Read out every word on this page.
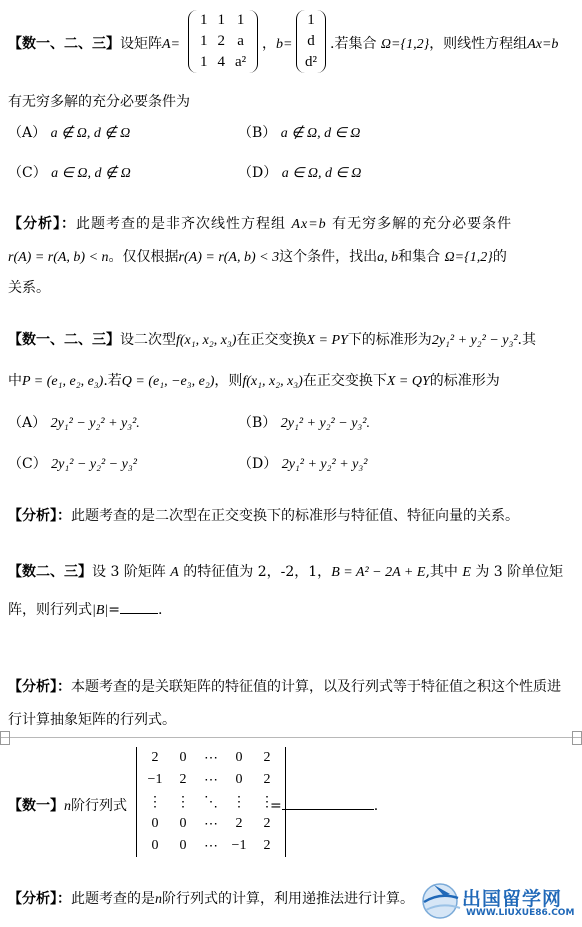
【数一、二、三】设矩阵A=
1	1	1
1	2	a
1	4	a²
，b=
1
d
d²
.若集合 Ω={1,2}，则线性方程组Ax=b
有无穷多解的充分必要条件为
（A） a ∉ Ω, d ∉ Ω	（B） a ∉ Ω, d ∈ Ω
（C） a ∈ Ω, d ∉ Ω	（D） a ∈ Ω, d ∈ Ω
【分析】：此题考查的是非齐次线性方程组 Ax=b 有无穷多解的充分必要条件
r(A) = r(A, b) < n。仅仅根据r(A) = r(A, b) < 3这个条件，找出a, b和集合 Ω={1,2}的
关系。
【数一、二、三】设二次型f(x₁, x₂, x₃)在正交变换X = PY下的标准形为2y₁² + y₂² − y₃².其
中P = (e₁, e₂, e₃).若Q = (e₁, −e₃, e₂)，则f(x₁, x₂, x₃)在正交变换下X = QY的标准形为
（A） 2y₁² − y₂² + y₃².	（B） 2y₁² + y₂² − y₃².
（C） 2y₁² − y₂² − y₃²	（D） 2y₁² + y₂² + y₃²
【分析】：此题考查的是二次型在正交变换下的标准形与特征值、特征向量的关系。
【数二、三】设 3 阶矩阵 A 的特征值为 2，-2，1，B = A² − 2A + E,其中 E 为 3 阶单位矩
阵，则行列式|B|=	.
【分析】：本题考查的是关联矩阵的特征值的计算，以及行列式等于特征值之积这个性质进
行计算抽象矩阵的行列式。
【数一】n阶行列式
2	0	⋯	0	2
−1	2	⋯	0	2
⋮	⋮	⋱	⋮	⋮
0	0	⋯	2	2
0	0	⋯	−1	2
=	.
【分析】：此题考查的是n阶行列式的计算，利用递推法进行计算。	出国留学网
WWW.LIUXUE86.COM
